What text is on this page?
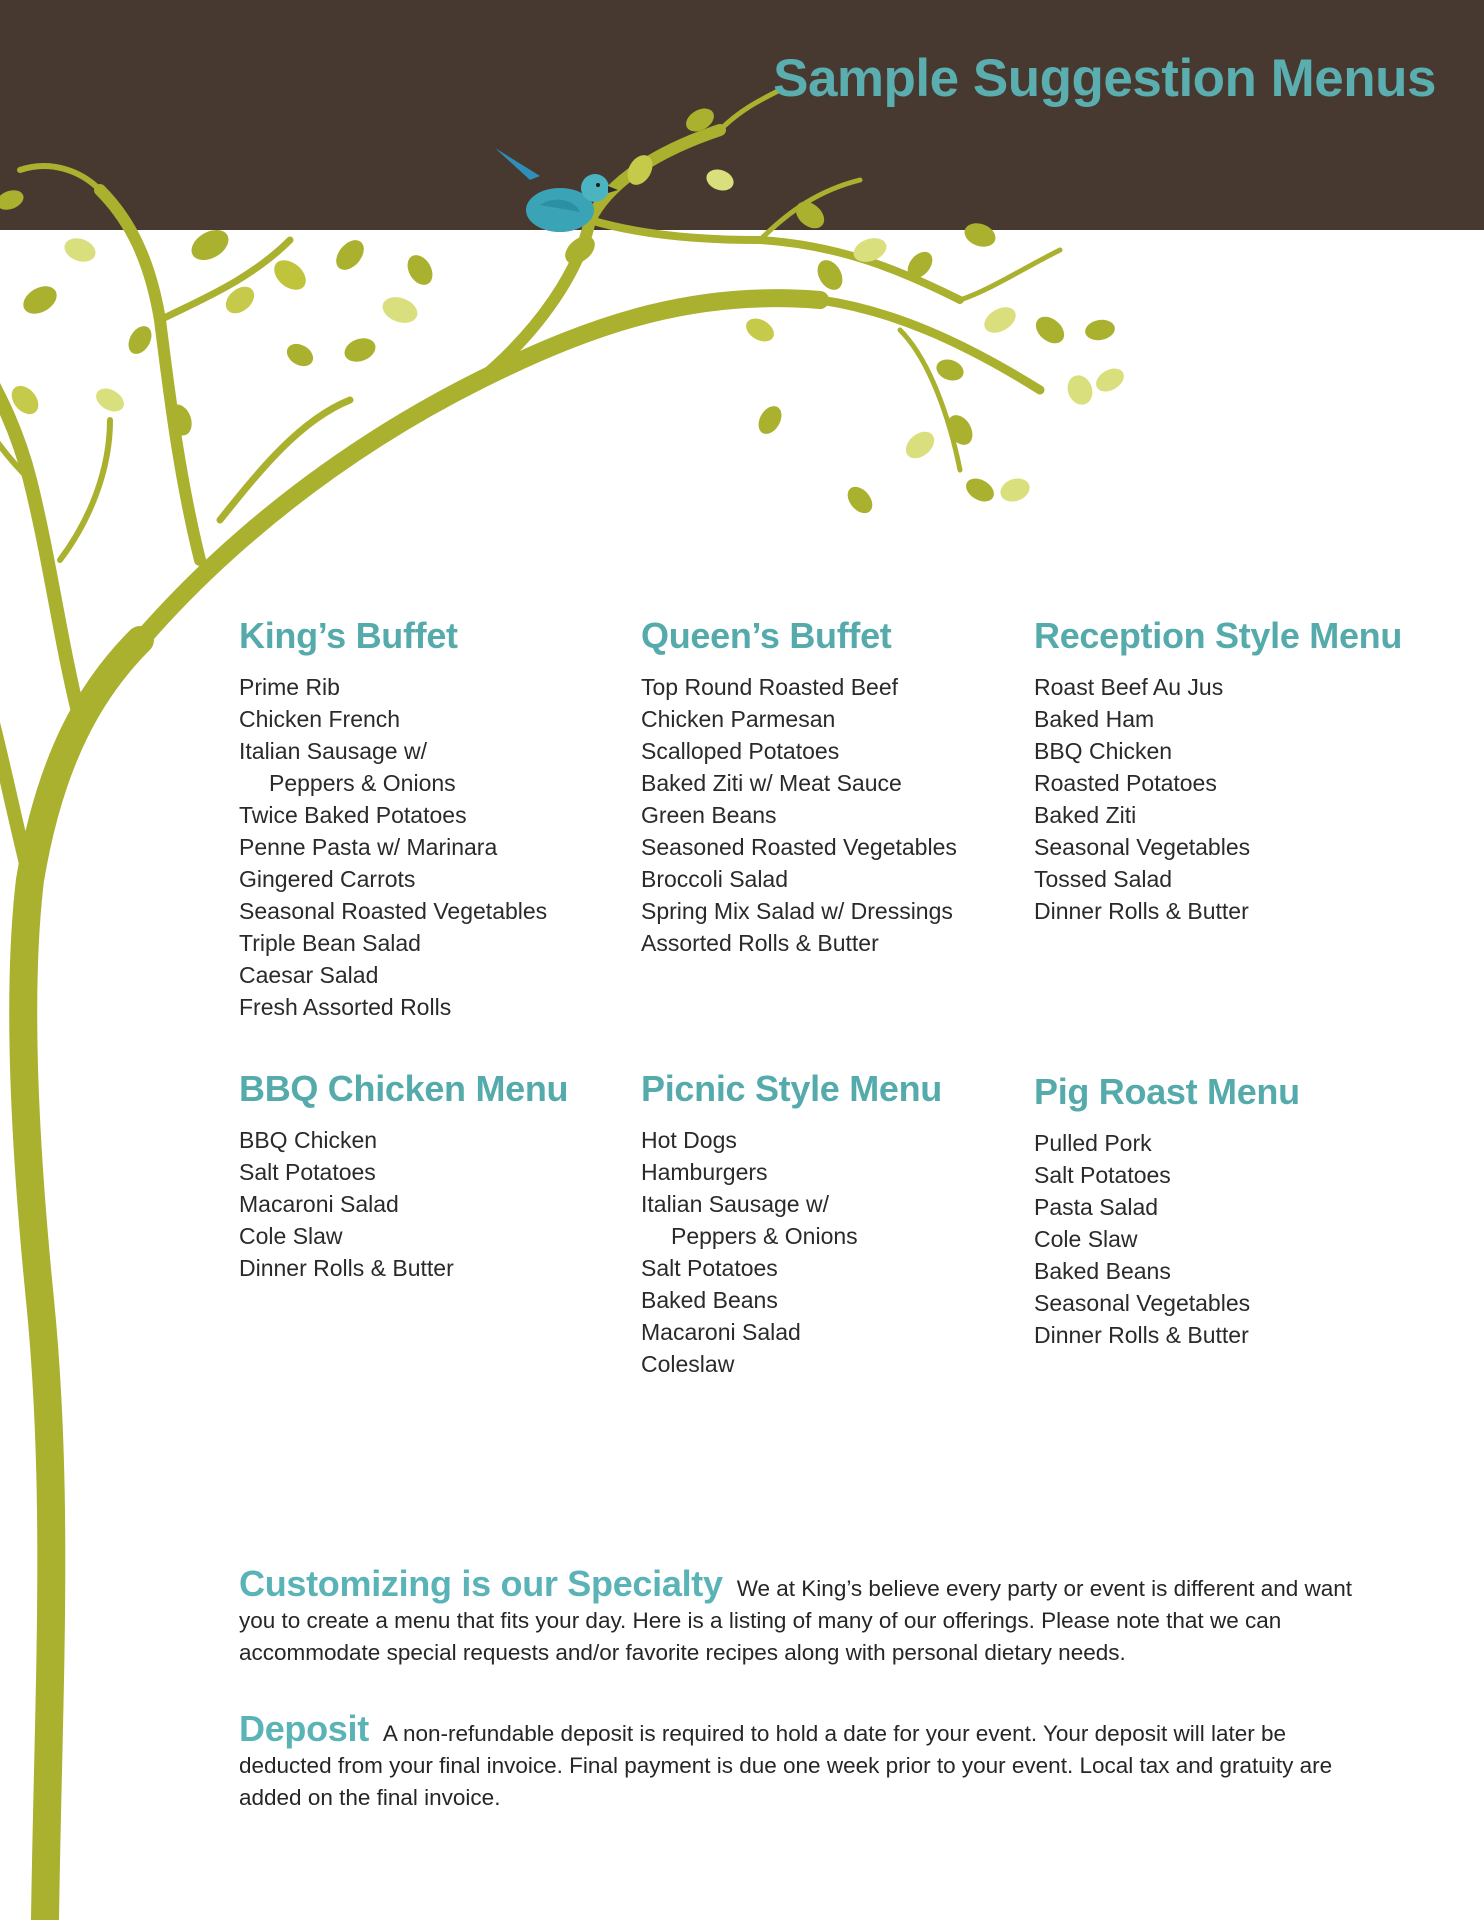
Sample Suggestion Menus
King’s Buffet
Prime Rib
Chicken French
Italian Sausage w/
Peppers & Onions
Twice Baked Potatoes
Penne Pasta w/ Marinara
Gingered Carrots
Seasonal Roasted Vegetables
Triple Bean Salad
Caesar Salad
Fresh Assorted Rolls
Queen’s Buffet
Top Round Roasted Beef
Chicken Parmesan
Scalloped Potatoes
Baked Ziti w/ Meat Sauce
Green Beans
Seasoned Roasted Vegetables
Broccoli Salad
Spring Mix Salad w/ Dressings
Assorted Rolls & Butter
Reception Style Menu
Roast Beef Au Jus
Baked Ham
BBQ Chicken
Roasted Potatoes
Baked Ziti
Seasonal Vegetables
Tossed Salad
Dinner Rolls & Butter
BBQ Chicken Menu
BBQ Chicken
Salt Potatoes
Macaroni Salad
Cole Slaw
Dinner Rolls & Butter
Picnic Style Menu
Hot Dogs
Hamburgers
Italian Sausage w/
Peppers & Onions
Salt Potatoes
Baked Beans
Macaroni Salad
Coleslaw
Pig Roast Menu
Pulled Pork
Salt Potatoes
Pasta Salad
Cole Slaw
Baked Beans
Seasonal Vegetables
Dinner Rolls & Butter

Customizing is our Specialty We at King’s believe every party or event is different and want you to create a menu that fits your day. Here is a listing of many of our offerings. Please note that we can accommodate special requests and/or favorite recipes along with personal dietary needs.

Deposit A non-refundable deposit is required to hold a date for your event. Your deposit will later be deducted from your final invoice. Final payment is due one week prior to your event. Local tax and gratuity are added on the final invoice.
